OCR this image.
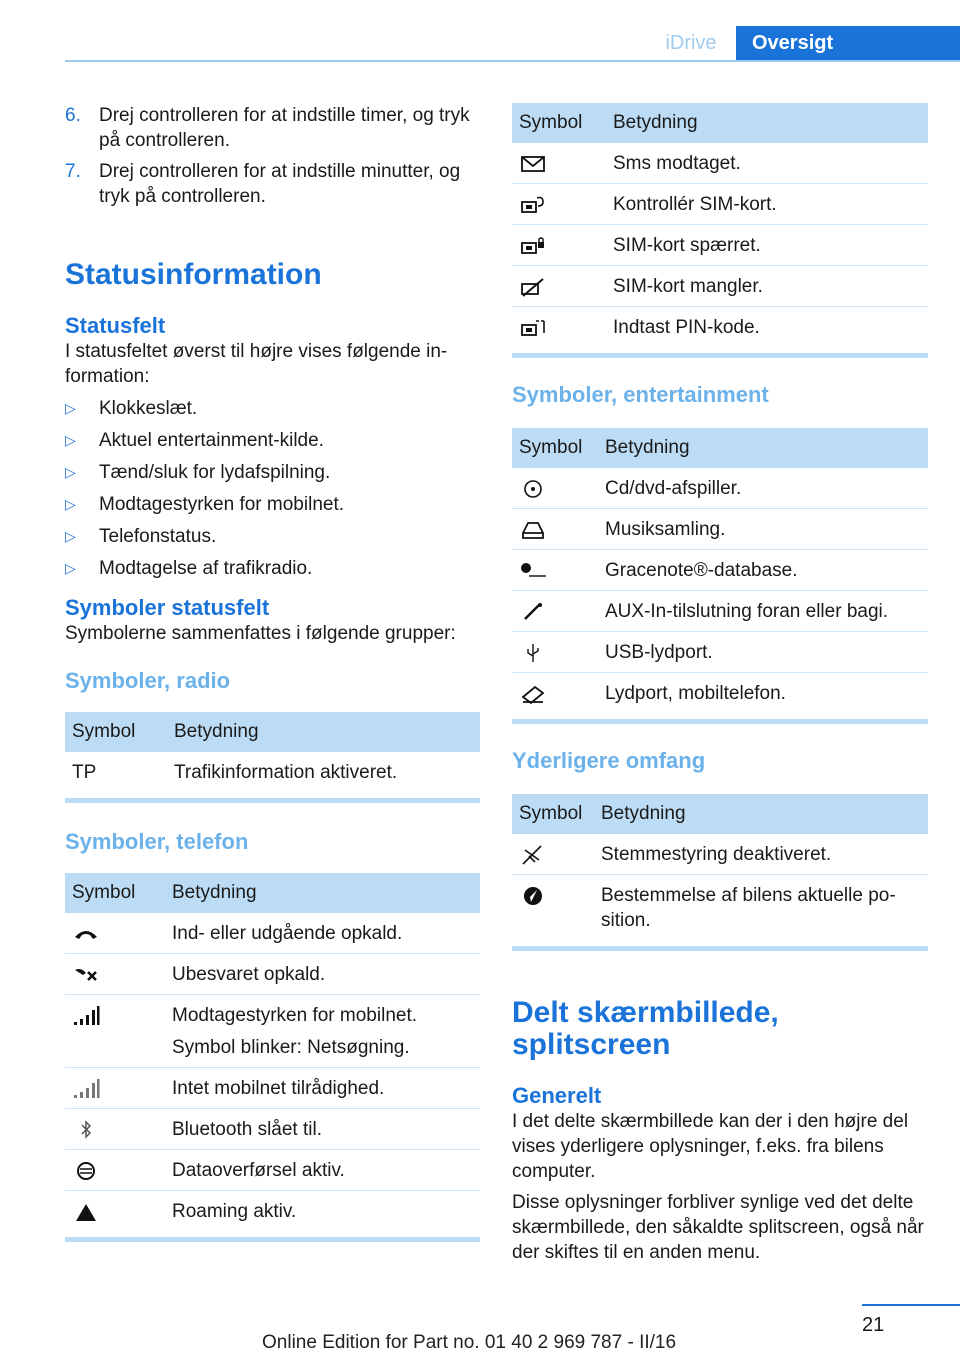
iDrive	Oversigt
6. Drej controlleren for at indstille timer, og tryk på controlleren.
7. Drej controlleren for at indstille minutter, og tryk på controlleren.
Statusinformation
Statusfelt

I statusfeltet øverst til højre vises følgende in-formation:

▷ Klokkeslæt.
▷ Aktuel entertainment-kilde.
▷ Tænd/sluk for lydafspilning.
▷ Modtagestyrken for mobilnet.
▷ Telefonstatus.
▷ Modtagelse af trafikradio.
Symboler statusfelt

Symbolerne sammenfattes i følgende grupper:

Symboler, radio
Symbol	Betydning
TP	Trafikinformation aktiveret.
Symboler, telefon
Symbol	Betydning
	Ind- eller udgående opkald.
	Ubesvaret opkald.

Modtagestyrken for mobilnet.
Symbol blinker: Netsøgning.

	Intet mobilnet tilrådighed.
	Bluetooth slået til.
	Dataoverførsel aktiv.
	Roaming aktiv.
Symbol	Betydning
	Sms modtaget.
	Kontrollér SIM-kort.
	SIM-kort spærret.
	SIM-kort mangler.
	Indtast PIN-kode.
Symboler, entertainment
Symbol	Betydning
	Cd/dvd-afspiller.
	Musiksamling.
	Gracenote®-database.
	AUX-In-tilslutning foran eller bagi.
	USB-lydport.
	Lydport, mobiltelefon.
Yderligere omfang
Symbol	Betydning
	Stemmestyring deaktiveret.
	Bestemmelse af bilens aktuelle po-sition.
Delt skærmbillede, splitscreen
Generelt

I det delte skærmbillede kan der i den højre del vises yderligere oplysninger, f.eks. fra bilens computer.

Disse oplysninger forbliver synlige ved det delte skærmbillede, den såkaldte splitscreen, også når der skiftes til en anden menu.

21
Online Edition for Part no. 01 40 2 969 787 - II/16
